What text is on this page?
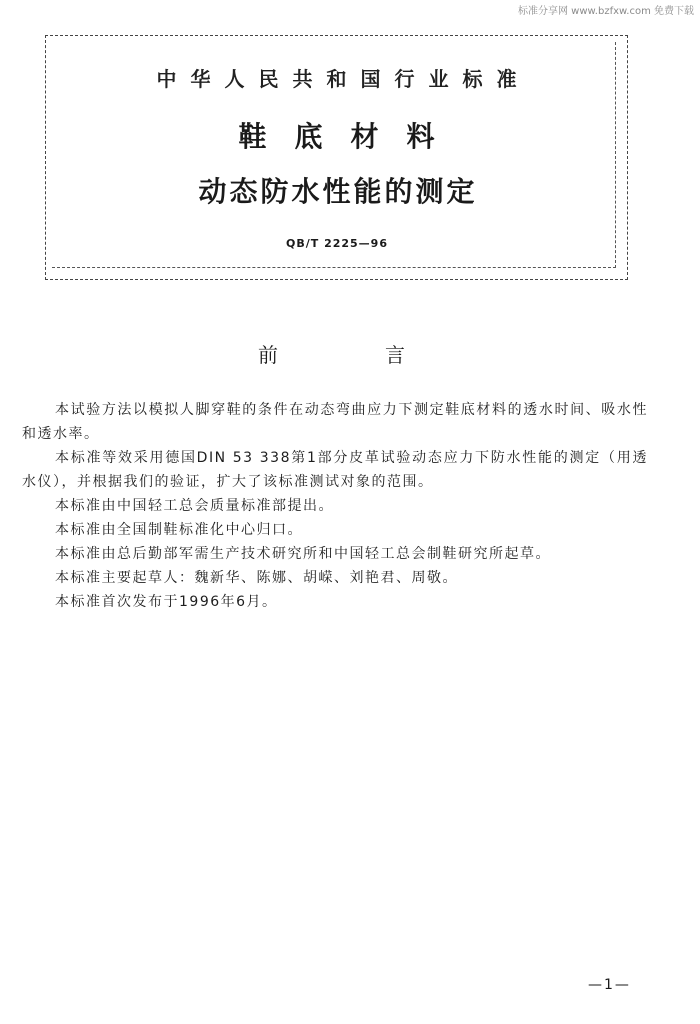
标准分享网 www.bzfxw.com 免费下载
中华人民共和国行业标准
鞋底材料
动态防水性能的测定
QB/T 2225—96
前言

本试验方法以模拟人脚穿鞋的条件在动态弯曲应力下测定鞋底材料的透水时间、吸水性和透水率。

本标准等效采用德国DIN 53 338第1部分皮革试验动态应力下防水性能的测定（用透水仪），并根据我们的验证，扩大了该标准测试对象的范围。

本标准由中国轻工总会质量标准部提出。

本标准由全国制鞋标准化中心归口。

本标准由总后勤部军需生产技术研究所和中国轻工总会制鞋研究所起草。

本标准主要起草人：魏新华、陈娜、胡嵘、刘艳君、周敬。

本标准首次发布于1996年6月。

—1—
